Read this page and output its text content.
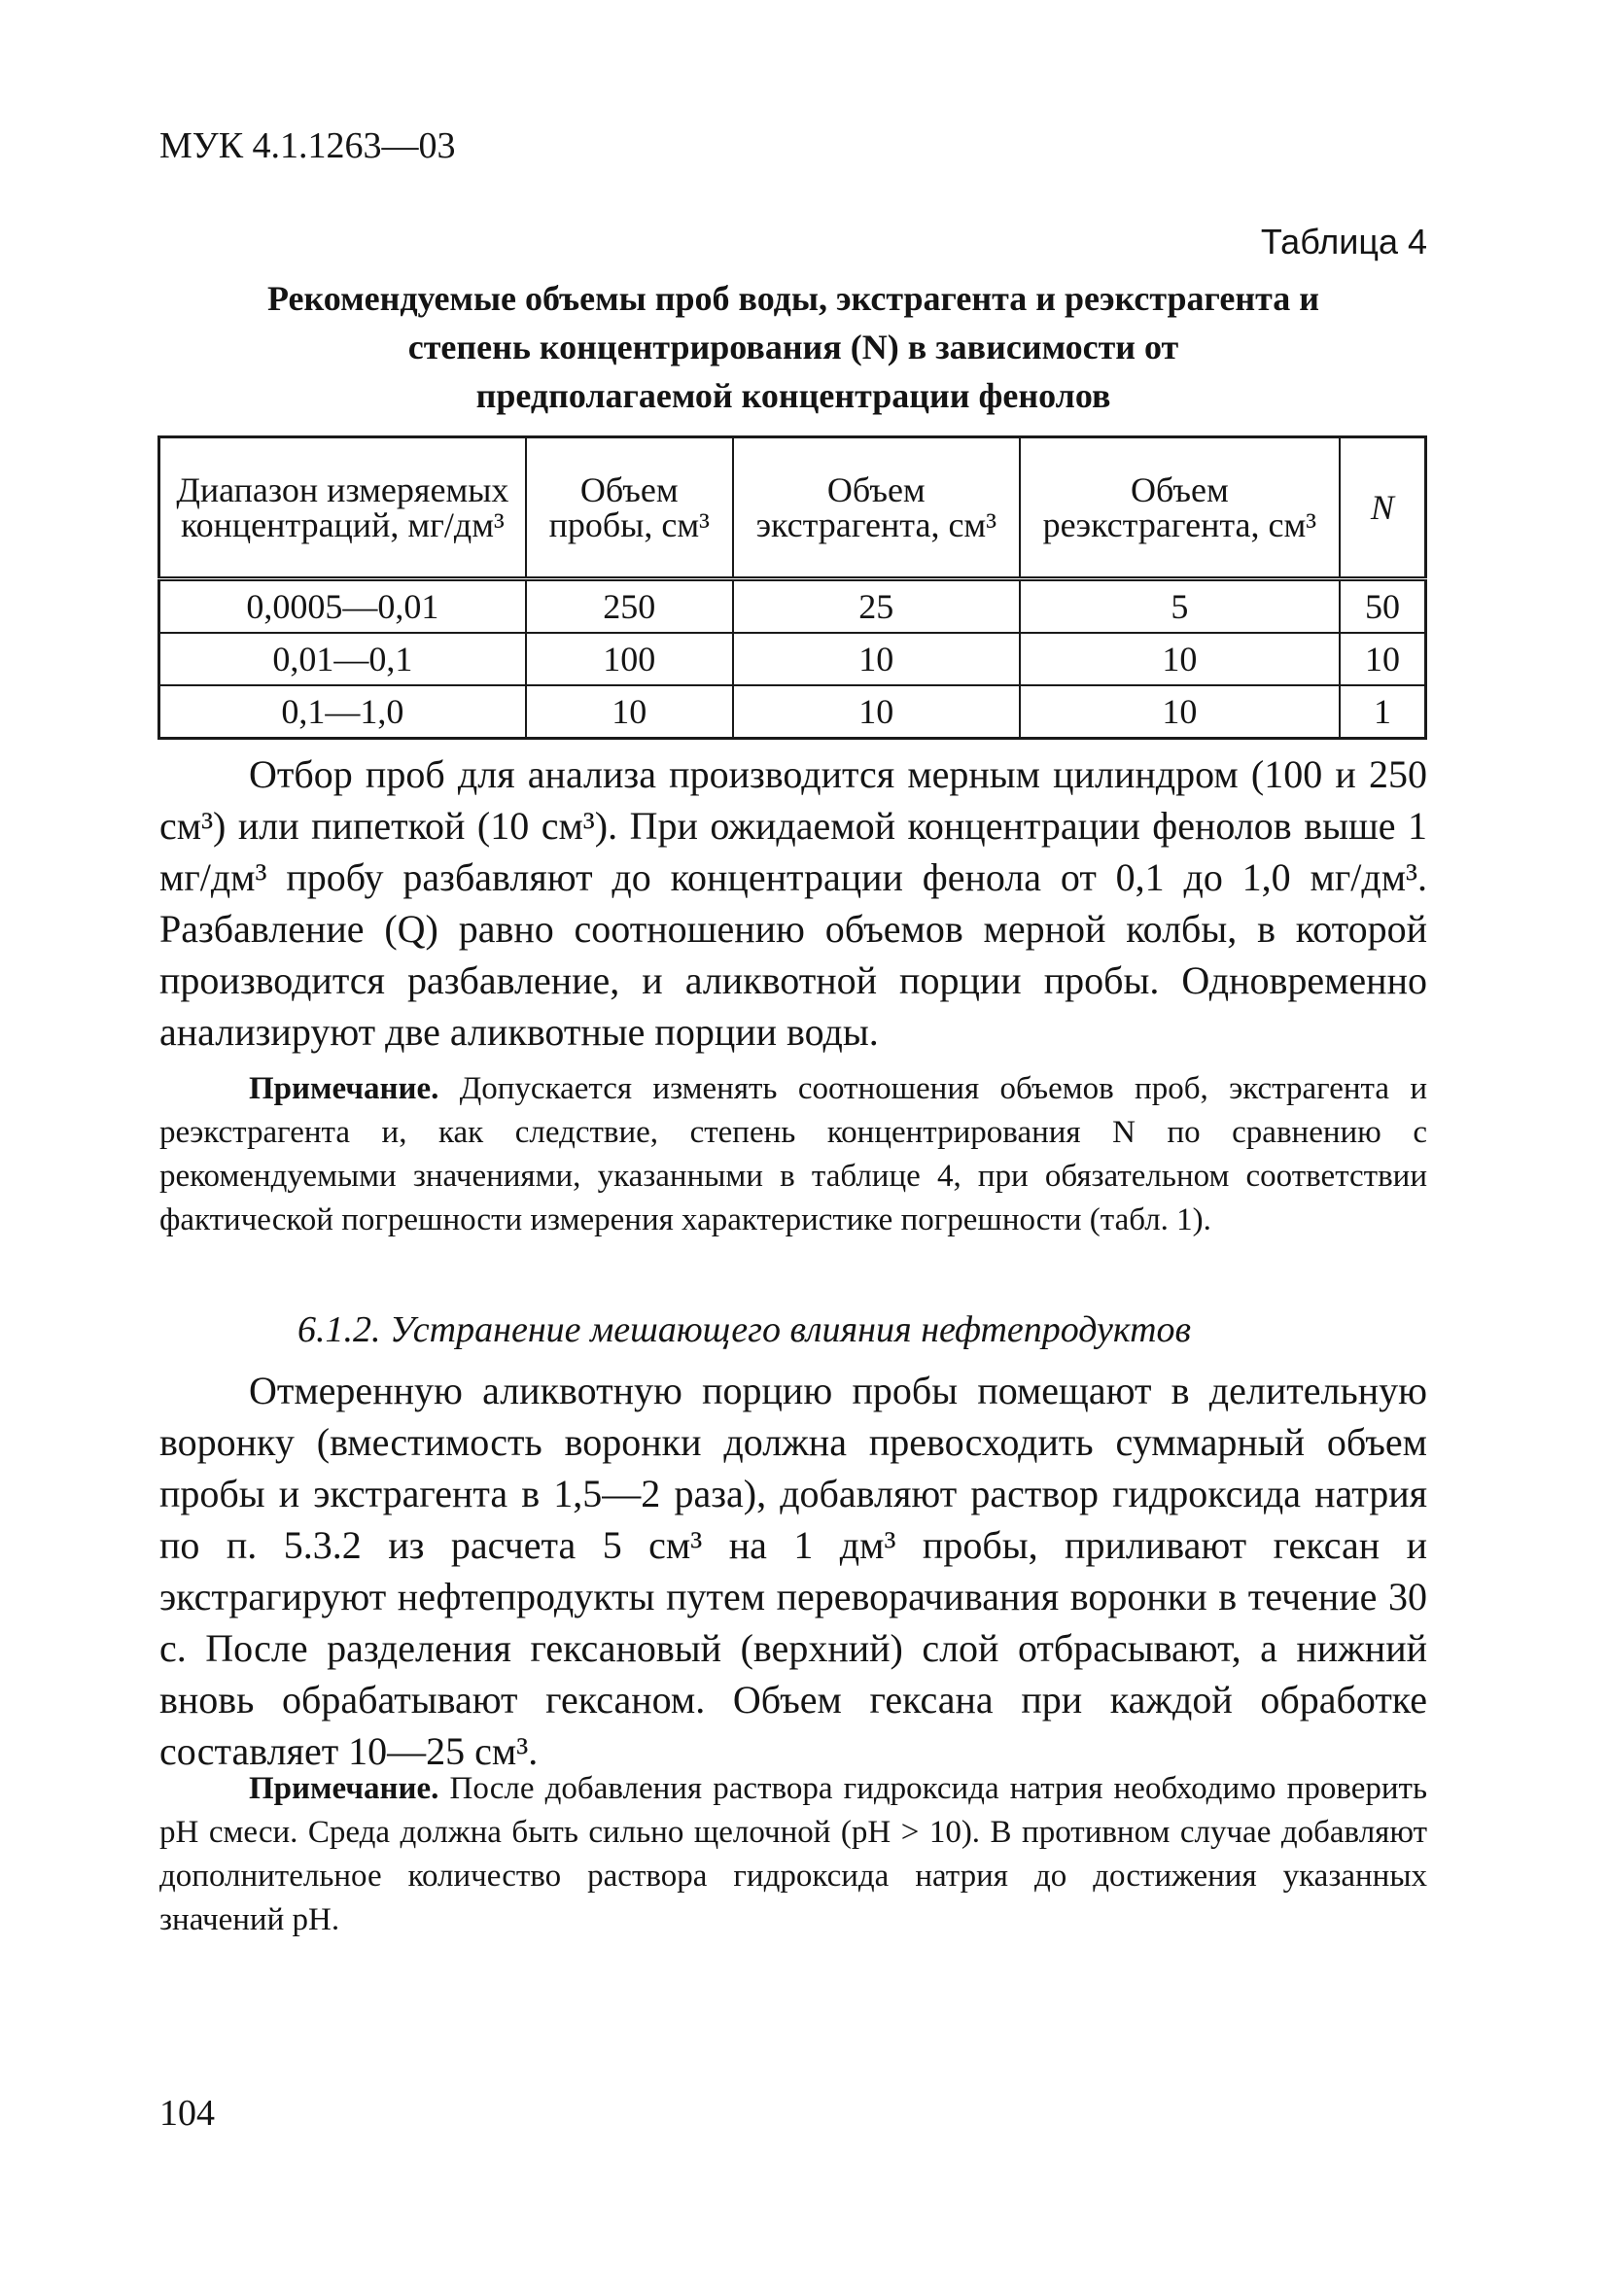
МУК 4.1.1263—03
Таблица 4
Рекомендуемые объемы проб воды, экстрагента и реэкстрагента и
степень концентрирования (N) в зависимости от
предполагаемой концентрации фенолов
Диапазон измеряемых концентраций, мг/дм³	Объем пробы, см³	Объем экстрагента, см³	Объем реэкстрагента, см³	N
0,0005—0,01	250	25	5	50
0,01—0,1	100	10	10	10
0,1—1,0	10	10	10	1

Отбор проб для анализа производится мерным цилиндром (100 и 250 см³) или пипеткой (10 см³). При ожидаемой концентрации фенолов выше 1 мг/дм³ пробу разбавляют до концентрации фенола от 0,1 до 1,0 мг/дм³. Разбавление (Q) равно соотношению объемов мерной колбы, в которой производится разбавление, и аликвотной порции пробы. Одновременно анализируют две аликвотные порции воды.

Примечание. Допускается изменять соотношения объемов проб, экстрагента и реэкстрагента и, как следствие, степень концентрирования N по сравнению с рекомендуемыми значениями, указанными в таблице 4, при обязательном соответствии фактической погрешности измерения характеристике погрешности (табл. 1).

6.1.2. Устранение мешающего влияния нефтепродуктов

Отмеренную аликвотную порцию пробы помещают в делительную воронку (вместимость воронки должна превосходить суммарный объем пробы и экстрагента в 1,5—2 раза), добавляют раствор гидроксида натрия по п. 5.3.2 из расчета 5 см³ на 1 дм³ пробы, приливают гексан и экстрагируют нефтепродукты путем переворачивания воронки в течение 30 с. После разделения гексановый (верхний) слой отбрасывают, а нижний вновь обрабатывают гексаном. Объем гексана при каждой обработке составляет 10—25 см³.

Примечание. После добавления раствора гидроксида натрия необходимо проверить pH смеси. Среда должна быть сильно щелочной (pH > 10). В противном случае добавляют дополнительное количество раствора гидроксида натрия до достижения указанных значений pH.

104
